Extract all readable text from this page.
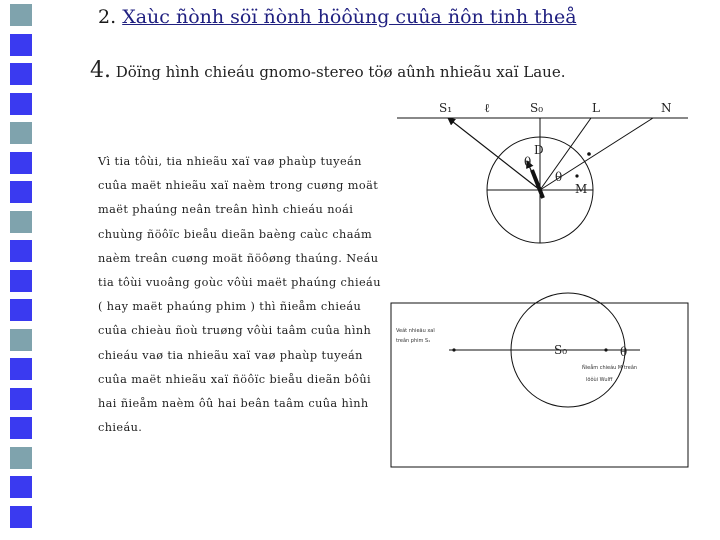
2. Xaùc ñònh söï ñònh höôùng cuûa ñôn tinh theå
4. Döïng hình chieáu gnomo-stereo töø aûnh nhieãu xaï Laue.
Vì tia tôùi, tia nhieãu xaï vaø phaùp tuyeán
cuûa maët nhieãu xaï naèm trong cuøng moät
maët phaúng neân treân hình chieáu noái
chuùng ñöôïc bieåu dieãn baèng caùc chaám
naèm treân cuøng moät ñöôøng thaúng. Neáu
tia tôùi vuoâng goùc vôùi maët phaúng chieáu
( hay maët phaúng phim ) thì ñieåm chieáu
cuûa chieàu ñoù truøng vôùi taâm cuûa hình
chieáu vaø tia nhieãu xaï vaø phaùp tuyeán
cuûa maët nhieãu xaï ñöôïc bieåu dieãn bôûi
hai ñieåm naèm ôû hai beân taâm cuûa hình
chieáu.
S₁	ℓ	S₀	L	N
D
M
θ
θ
Veát nhieãu xaï
treân phim S₁
S₀	θ
Ñieåm chieáu M treân
löôùi Wulff
